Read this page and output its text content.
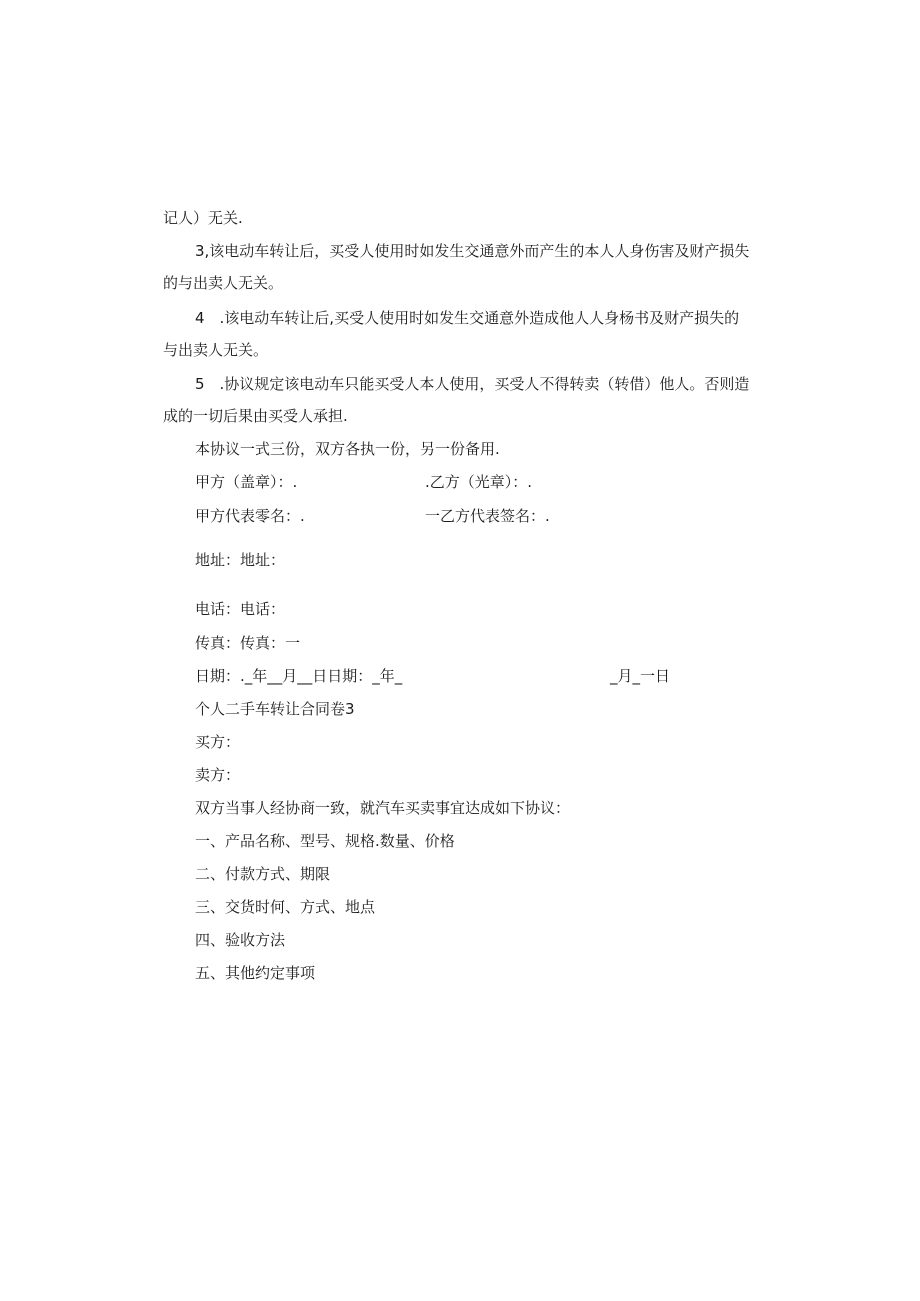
记人）无关.
3,该电动车转让后，买受人使用时如发生交通意外而产生的本人人身伤害及财产损失
的与出卖人无关。
4　.该电动车转让后,买受人使用时如发生交通意外造成他人人身杨书及财产损失的
与出卖人无关。
5　.协议规定该电动车只能买受人本人使用，买受人不得转卖（转借）他人。否则造
成的一切后果由买受人承担.
本协议一式三份，双方各执一份，另一份备用.
甲方（盖章）：.	.乙方（光章）：.
甲方代表零名：.	一乙方代表签名：.
地址：地址：
电话：电话：
传真：传真：一
日期：._年__月__日日期：_年_	_月_一日
个人二手车转让合同卷3
买方：
卖方：
双方当事人经协商一致，就汽车买卖事宜达成如下协议：
一、产品名称、型号、规格.数量、价格
二、付款方式、期限
三、交货时何、方式、地点
四、验收方法
五、其他约定事项
